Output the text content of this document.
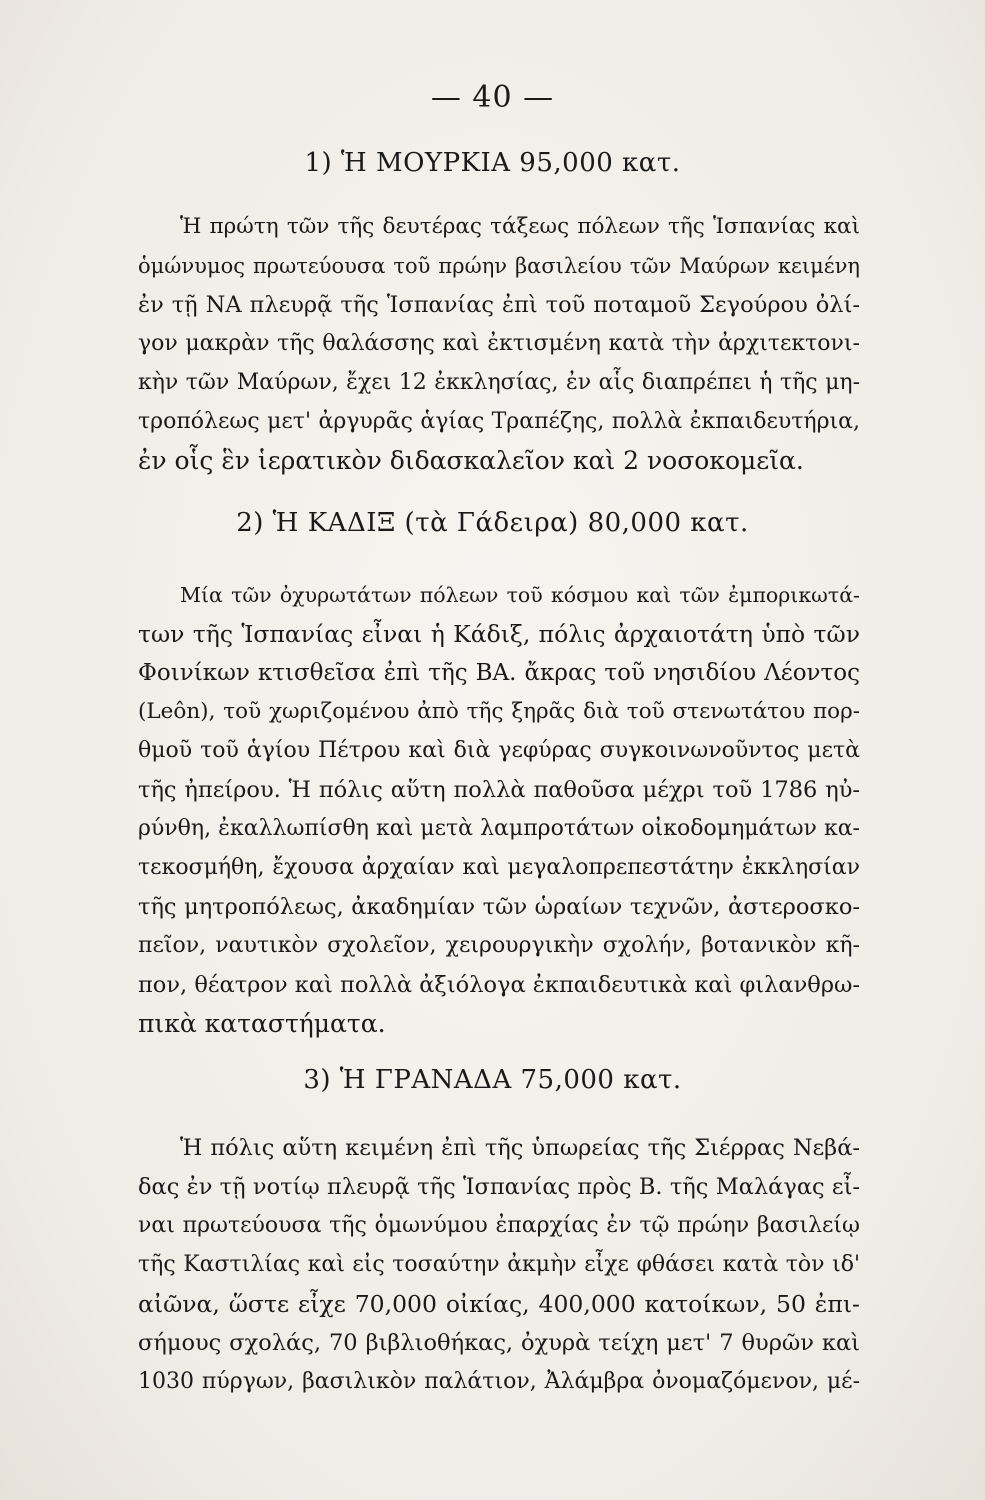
— 40 —
1) Ἡ ΜΟΥΡΚΙΑ 95,000 κατ.
Ἡ πρώτη τῶν τῆς δευτέρας τάξεως πόλεων τῆς Ἱσπανίας καὶ
ὁμώνυμος πρωτεύουσα τοῦ πρώην βασιλείου τῶν Μαύρων κειμένη
ἐν τῇ ΝΑ πλευρᾷ τῆς Ἱσπανίας ἐπὶ τοῦ ποταμοῦ Σεγούρου ὀλί-
γον μακρὰν τῆς θαλάσσης καὶ ἐκτισμένη κατὰ τὴν ἀρχιτεκτονι-
κὴν τῶν Μαύρων, ἔχει 12 ἐκκλησίας, ἐν αἷς διαπρέπει ἡ τῆς μη-
τροπόλεως μετ' ἀργυρᾶς ἁγίας Τραπέζης, πολλὰ ἐκπαιδευτήρια,
ἐν οἷς ἓν ἱερατικὸν διδασκαλεῖον καὶ 2 νοσοκομεῖα.
2) Ἡ ΚΑΔΙΞ (τὰ Γάδειρα) 80,000 κατ.
Μία τῶν ὀχυρωτάτων πόλεων τοῦ κόσμου καὶ τῶν ἐμπορικωτά-
των τῆς Ἱσπανίας εἶναι ἡ Κάδιξ, πόλις ἀρχαιοτάτη ὑπὸ τῶν
Φοινίκων κτισθεῖσα ἐπὶ τῆς ΒΑ. ἄκρας τοῦ νησιδίου Λέοντος
(Leôn), τοῦ χωριζομένου ἀπὸ τῆς ξηρᾶς διὰ τοῦ στενωτάτου πορ-
θμοῦ τοῦ ἁγίου Πέτρου καὶ διὰ γεφύρας συγκοινωνοῦντος μετὰ
τῆς ἠπείρου. Ἡ πόλις αὕτη πολλὰ παθοῦσα μέχρι τοῦ 1786 ηὐ-
ρύνθη, ἐκαλλωπίσθη καὶ μετὰ λαμπροτάτων οἰκοδομημάτων κα-
τεκοσμήθη, ἔχουσα ἀρχαίαν καὶ μεγαλοπρεπεστάτην ἐκκλησίαν
τῆς μητροπόλεως, ἀκαδημίαν τῶν ὡραίων τεχνῶν, ἀστεροσκο-
πεῖον, ναυτικὸν σχολεῖον, χειρουργικὴν σχολήν, βοτανικὸν κῆ-
πον, θέατρον καὶ πολλὰ ἀξιόλογα ἐκπαιδευτικὰ καὶ φιλανθρω-
πικὰ καταστήματα.
3) Ἡ ΓΡΑΝΑΔΑ 75,000 κατ.
Ἡ πόλις αὕτη κειμένη ἐπὶ τῆς ὑπωρείας τῆς Σιέρρας Νεβά-
δας ἐν τῇ νοτίῳ πλευρᾷ τῆς Ἱσπανίας πρὸς Β. τῆς Μαλάγας εἶ-
ναι πρωτεύουσα τῆς ὁμωνύμου ἐπαρχίας ἐν τῷ πρώην βασιλείῳ
τῆς Καστιλίας καὶ εἰς τοσαύτην ἀκμὴν εἶχε φθάσει κατὰ τὸν ιδ'
αἰῶνα, ὥστε εἶχε 70,000 οἰκίας, 400,000 κατοίκων, 50 ἐπι-
σήμους σχολάς, 70 βιβλιοθήκας, ὀχυρὰ τείχη μετ' 7 θυρῶν καὶ
1030 πύργων, βασιλικὸν παλάτιον, Ἀλάμβρα ὀνομαζόμενον, μέ-
